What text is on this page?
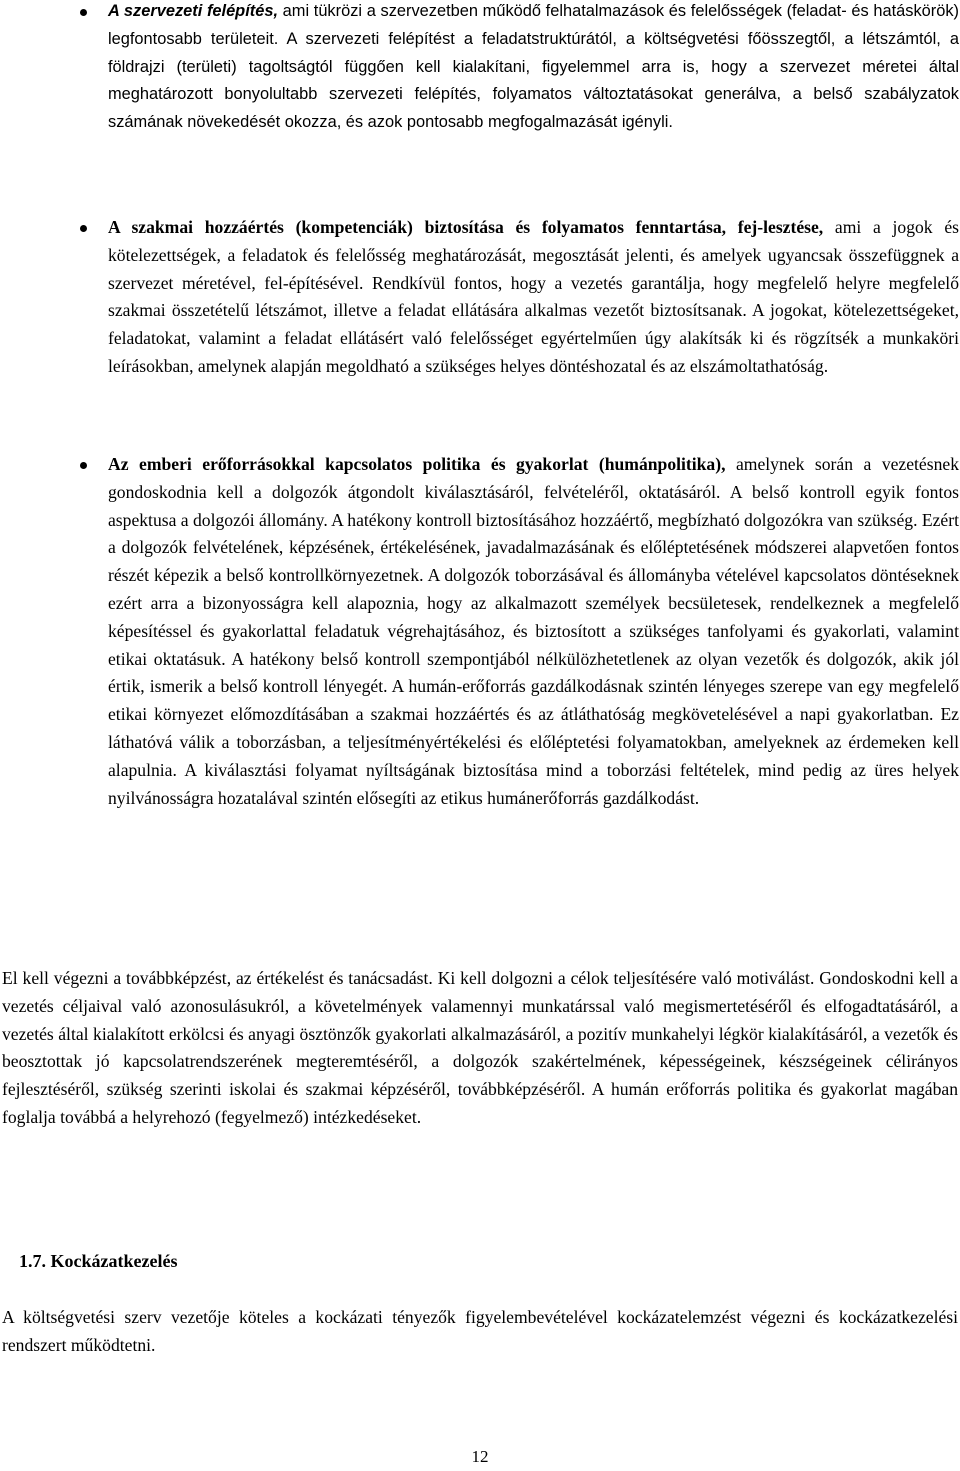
A szervezeti felépítés, ami tükrözi a szervezetben működő felhatalmazások és felelősségek (feladat- és hatáskörök) legfontosabb területeit. A szervezeti felépítést a feladatstruktúrától, a költségvetési főösszegtől, a létszámtól, a földrajzi (területi) tagoltságtól függően kell kialakítani, figyelemmel arra is, hogy a szervezet méretei által meghatározott bonyolultabb szervezeti felépítés, folyamatos változtatásokat generálva, a belső szabályzatok számának növekedését okozza, és azok pontosabb megfogalmazását igényli.
A szakmai hozzáértés (kompetenciák) biztosítása és folyamatos fenntartása, fej-lesztése, ami a jogok és kötelezettségek, a feladatok és felelősség meghatározását, megosztását jelenti, és amelyek ugyancsak összefüggnek a szervezet méretével, fel-építésével. Rendkívül fontos, hogy a vezetés garantálja, hogy megfelelő helyre megfelelő szakmai összetételű létszámot, illetve a feladat ellátására alkalmas vezetőt biztosítsanak. A jogokat, kötelezettségeket, feladatokat, valamint a feladat ellátásért való felelősséget egyértelműen úgy alakítsák ki és rögzítsék a munkaköri leírásokban, amelynek alapján megoldható a szükséges helyes döntéshozatal és az elszámoltathatóság.
Az emberi erőforrásokkal kapcsolatos politika és gyakorlat (humánpolitika), amelynek során a vezetésnek gondoskodnia kell a dolgozók átgondolt kiválasztásáról, felvételéről, oktatásáról. A belső kontroll egyik fontos aspektusa a dolgozói állomány. A hatékony kontroll biztosításához hozzáértő, megbízható dolgozókra van szükség. Ezért a dolgozók felvételének, képzésének, értékelésének, javadalmazásának és előléptetésének módszerei alapvetően fontos részét képezik a belső kontrollkörnyezetnek. A dolgozók toborzásával és állományba vételével kapcsolatos döntéseknek ezért arra a bizonyosságra kell alapoznia, hogy az alkalmazott személyek becsületesek, rendelkeznek a megfelelő képesítéssel és gyakorlattal feladatuk végrehajtásához, és biztosított a szükséges tanfolyami és gyakorlati, valamint etikai oktatásuk. A hatékony belső kontroll szempontjából nélkülözhetetlenek az olyan vezetők és dolgozók, akik jól értik, ismerik a belső kontroll lényegét. A humán-erőforrás gazdálkodásnak szintén lényeges szerepe van egy megfelelő etikai környezet előmozdításában a szakmai hozzáértés és az átláthatóság megkövetelésével a napi gyakorlatban. Ez láthatóvá válik a toborzásban, a teljesítményértékelési és előléptetési folyamatokban, amelyeknek az érdemeken kell alapulnia. A kiválasztási folyamat nyíltságának biztosítása mind a toborzási feltételek, mind pedig az üres helyek nyilvánosságra hozatalával szintén elősegíti az etikus humánerőforrás gazdálkodást.

El kell végezni a továbbképzést, az értékelést és tanácsadást. Ki kell dolgozni a célok teljesítésére való motiválást. Gondoskodni kell a vezetés céljaival való azonosulásukról, a követelmények valamennyi munkatárssal való megismertetéséről és elfogadtatásáról, a vezetés által kialakított erkölcsi és anyagi ösztönzők gyakorlati alkalmazásáról, a pozitív munkahelyi légkör kialakításáról, a vezetők és beosztottak jó kapcsolatrendszerének megteremtéséről, a dolgozók szakértelmének, képességeinek, készségeinek célirányos fejlesztéséről, szükség szerinti iskolai és szakmai képzéséről, továbbképzéséről. A humán erőforrás politika és gyakorlat magában foglalja továbbá a helyrehozó (fegyelmező) intézkedéseket.

1.7. Kockázatkezelés

A költségvetési szerv vezetője köteles a kockázati tényezők figyelembevételével kockázatelemzést végezni és kockázatkezelési rendszert működtetni.

12
